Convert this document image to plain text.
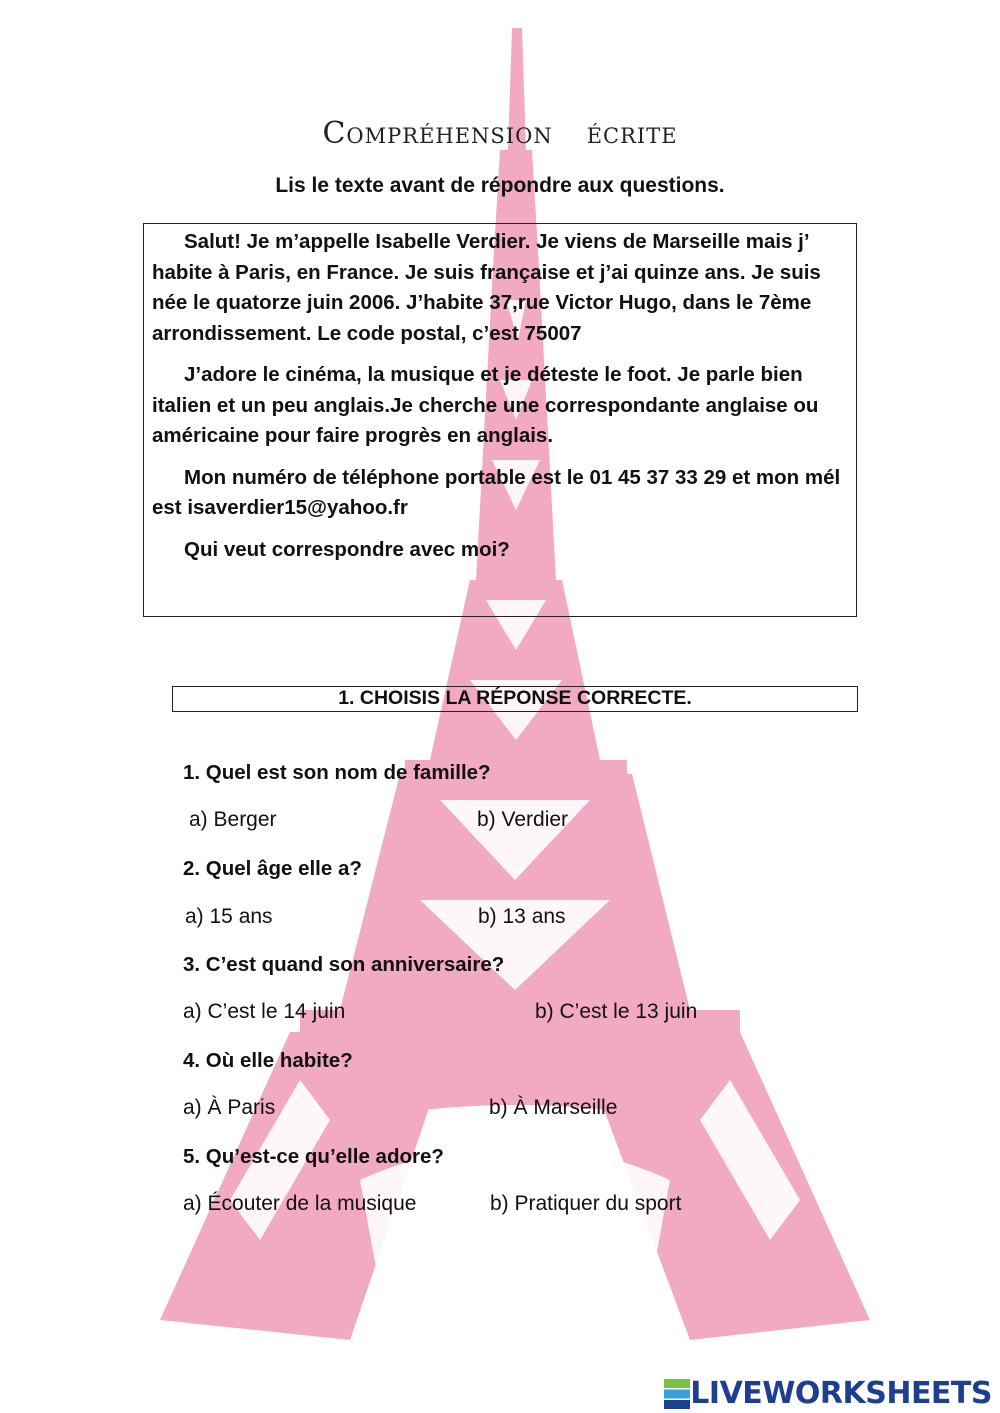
Compréhension écrite
Lis le texte avant de répondre aux questions.

Salut! Je m’appelle Isabelle Verdier. Je viens de Marseille mais j’ habite à Paris, en France. Je suis française et j’ai quinze ans. Je suis née le quatorze juin 2006. J’habite 37,rue Victor Hugo, dans le 7ème arrondissement. Le code postal, c’est 75007

J’adore le cinéma, la musique et je déteste le foot. Je parle bien italien et un peu anglais.Je cherche une correspondante anglaise ou américaine pour faire progrès en anglais.

Mon numéro de téléphone portable est le 01 45 37 33 29 et mon mél est isaverdier15@yahoo.fr

Qui veut correspondre avec moi?

1. CHOISIS LA RÉPONSE CORRECTE.
1. Quel est son nom de famille?
a) Berger	b) Verdier
2. Quel âge elle a?
a) 15 ans	b) 13 ans
3. C’est quand son anniversaire?
a) C’est le 14 juin	b) C’est le 13 juin
4. Où elle habite?
a) À Paris	b) À Marseille
5. Qu’est-ce qu’elle adore?
a) Écouter de la musique	b) Pratiquer du sport
LIVEWORKSHEETS
